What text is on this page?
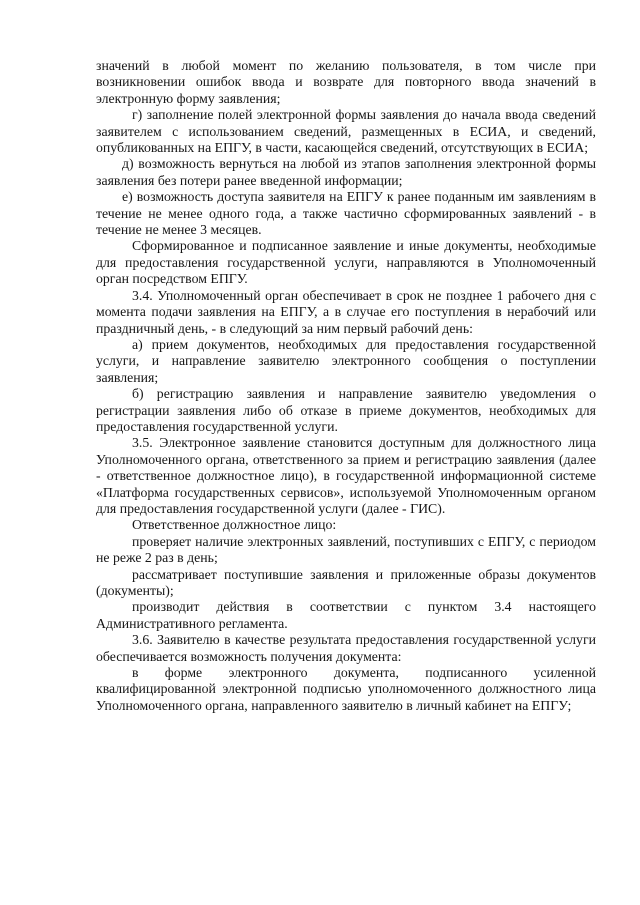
значений в любой момент по желанию пользователя, в том числе при возникновении ошибок ввода и возврате для повторного ввода значений в электронную форму заявления;

г) заполнение полей электронной формы заявления до начала ввода сведений заявителем с использованием сведений, размещенных в ЕСИА, и сведений, опубликованных на ЕПГУ, в части, касающейся сведений, отсутствующих в ЕСИА;

д) возможность вернуться на любой из этапов заполнения электронной формы заявления без потери ранее введенной информации;

е) возможность доступа заявителя на ЕПГУ к ранее поданным им заявлениям в течение не менее одного года, а также частично сформированных заявлений - в течение не менее 3 месяцев.

Сформированное и подписанное заявление и иные документы, необходимые для предоставления государственной услуги, направляются в Уполномоченный орган посредством ЕПГУ.

3.4. Уполномоченный орган обеспечивает в срок не позднее 1 рабочего дня с момента подачи заявления на ЕПГУ, а в случае его поступления в нерабочий или праздничный день, - в следующий за ним первый рабочий день:

а) прием документов, необходимых для предоставления государственной услуги, и направление заявителю электронного сообщения о поступлении заявления;

б) регистрацию заявления и направление заявителю уведомления о регистрации заявления либо об отказе в приеме документов, необходимых для предоставления государственной услуги.

3.5. Электронное заявление становится доступным для должностного лица Уполномоченного органа, ответственного за прием и регистрацию заявления (далее - ответственное должностное лицо), в государственной информационной системе «Платформа государственных сервисов», используемой Уполномоченным органом для предоставления государственной услуги (далее - ГИС).

Ответственное должностное лицо:

проверяет наличие электронных заявлений, поступивших с ЕПГУ, с периодом не реже 2 раз в день;

рассматривает поступившие заявления и приложенные образы документов (документы);

производит действия в соответствии с пунктом 3.4 настоящего Административного регламента.

3.6. Заявителю в качестве результата предоставления государственной услуги обеспечивается возможность получения документа:

в форме электронного документа, подписанного усиленной квалифицированной электронной подписью уполномоченного должностного лица Уполномоченного органа, направленного заявителю в личный кабинет на ЕПГУ;
